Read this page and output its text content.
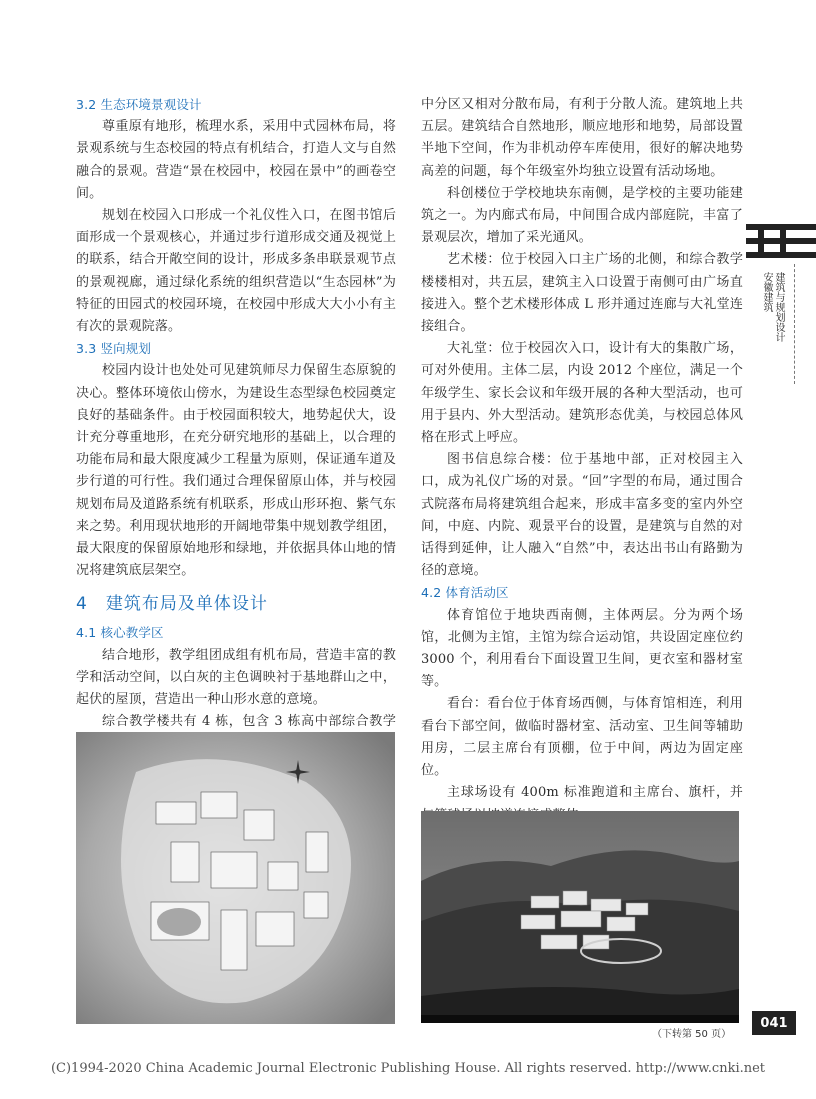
3.2 生态环境景观设计

尊重原有地形，梳理水系，采用中式园林布局，将景观系统与生态校园的特点有机结合，打造人文与自然融合的景观。营造“景在校园中，校园在景中”的画卷空间。

规划在校园入口形成一个礼仪性入口，在图书馆后面形成一个景观核心，并通过步行道形成交通及视觉上的联系，结合开敞空间的设计，形成多条串联景观节点的景观视廊，通过绿化系统的组织营造以“生态园林”为特征的田园式的校园环境，在校园中形成大大小小有主有次的景观院落。

3.3 竖向规划

校园内设计也处处可见建筑师尽力保留生态原貌的决心。整体环境依山傍水，为建设生态型绿色校园奠定良好的基础条件。由于校园面积较大，地势起伏大，设计充分尊重地形，在充分研究地形的基础上，以合理的功能布局和最大限度减少工程量为原则，保证通车道及步行道的可行性。我们通过合理保留原山体，并与校园规划布局及道路系统有机联系，形成山形环抱、紫气东来之势。利用现状地形的开阔地带集中规划教学组团，最大限度的保留原始地形和绿地，并依据具体山地的情况将建筑底层架空。

4　建筑布局及单体设计
4.1 核心教学区

结合地形，教学组团成组有机布局，营造丰富的教学和活动空间，以白灰的主色调映衬于基地群山之中，起伏的屋顶，营造出一种山形水意的意境。

综合教学楼共有 4 栋，包含 3 栋高中部综合教学

中分区又相对分散布局，有利于分散人流。建筑地上共五层。建筑结合自然地形，顺应地形和地势，局部设置半地下空间，作为非机动停车库使用，很好的解决地势高差的问题，每个年级室外均独立设置有活动场地。

科创楼位于学校地块东南侧，是学校的主要功能建筑之一。为内廊式布局，中间围合成内部庭院，丰富了景观层次，增加了采光通风。

艺术楼：位于校园入口主广场的北侧，和综合教学楼楼相对，共五层，建筑主入口设置于南侧可由广场直接进入。整个艺术楼形体成 L 形并通过连廊与大礼堂连接组合。

大礼堂：位于校园次入口，设计有大的集散广场，可对外使用。主体二层，内设 2012 个座位，满足一个年级学生、家长会议和年级开展的各种大型活动，也可用于县内、外大型活动。建筑形态优美，与校园总体风格在形式上呼应。

图书信息综合楼：位于基地中部，正对校园主入口，成为礼仪广场的对景。“回”字型的布局，通过围合式院落布局将建筑组合起来，形成丰富多变的室内外空间，中庭、内院、观景平台的设置，是建筑与自然的对话得到延伸，让人融入“自然”中，表达出书山有路勤为径的意境。

4.2 体育活动区

体育馆位于地块西南侧，主体两层。分为两个场馆，北侧为主馆，主馆为综合运动馆，共设固定座位约 3000 个，利用看台下面设置卫生间，更衣室和器材室等。

看台：看台位于体育场西侧，与体育馆相连，利用看台下部空间，做临时器材室、活动室、卫生间等辅助用房，二层主席台有顶棚，位于中间，两边为固定座位。

主球场设有 400m 标准跑道和主席台、旗杆，并

（下转第 50 页）
建筑与规划设计
安徽建筑
041
(C)1994-2020 China Academic Journal Electronic Publishing House. All rights reserved. http://www.cnki.net
